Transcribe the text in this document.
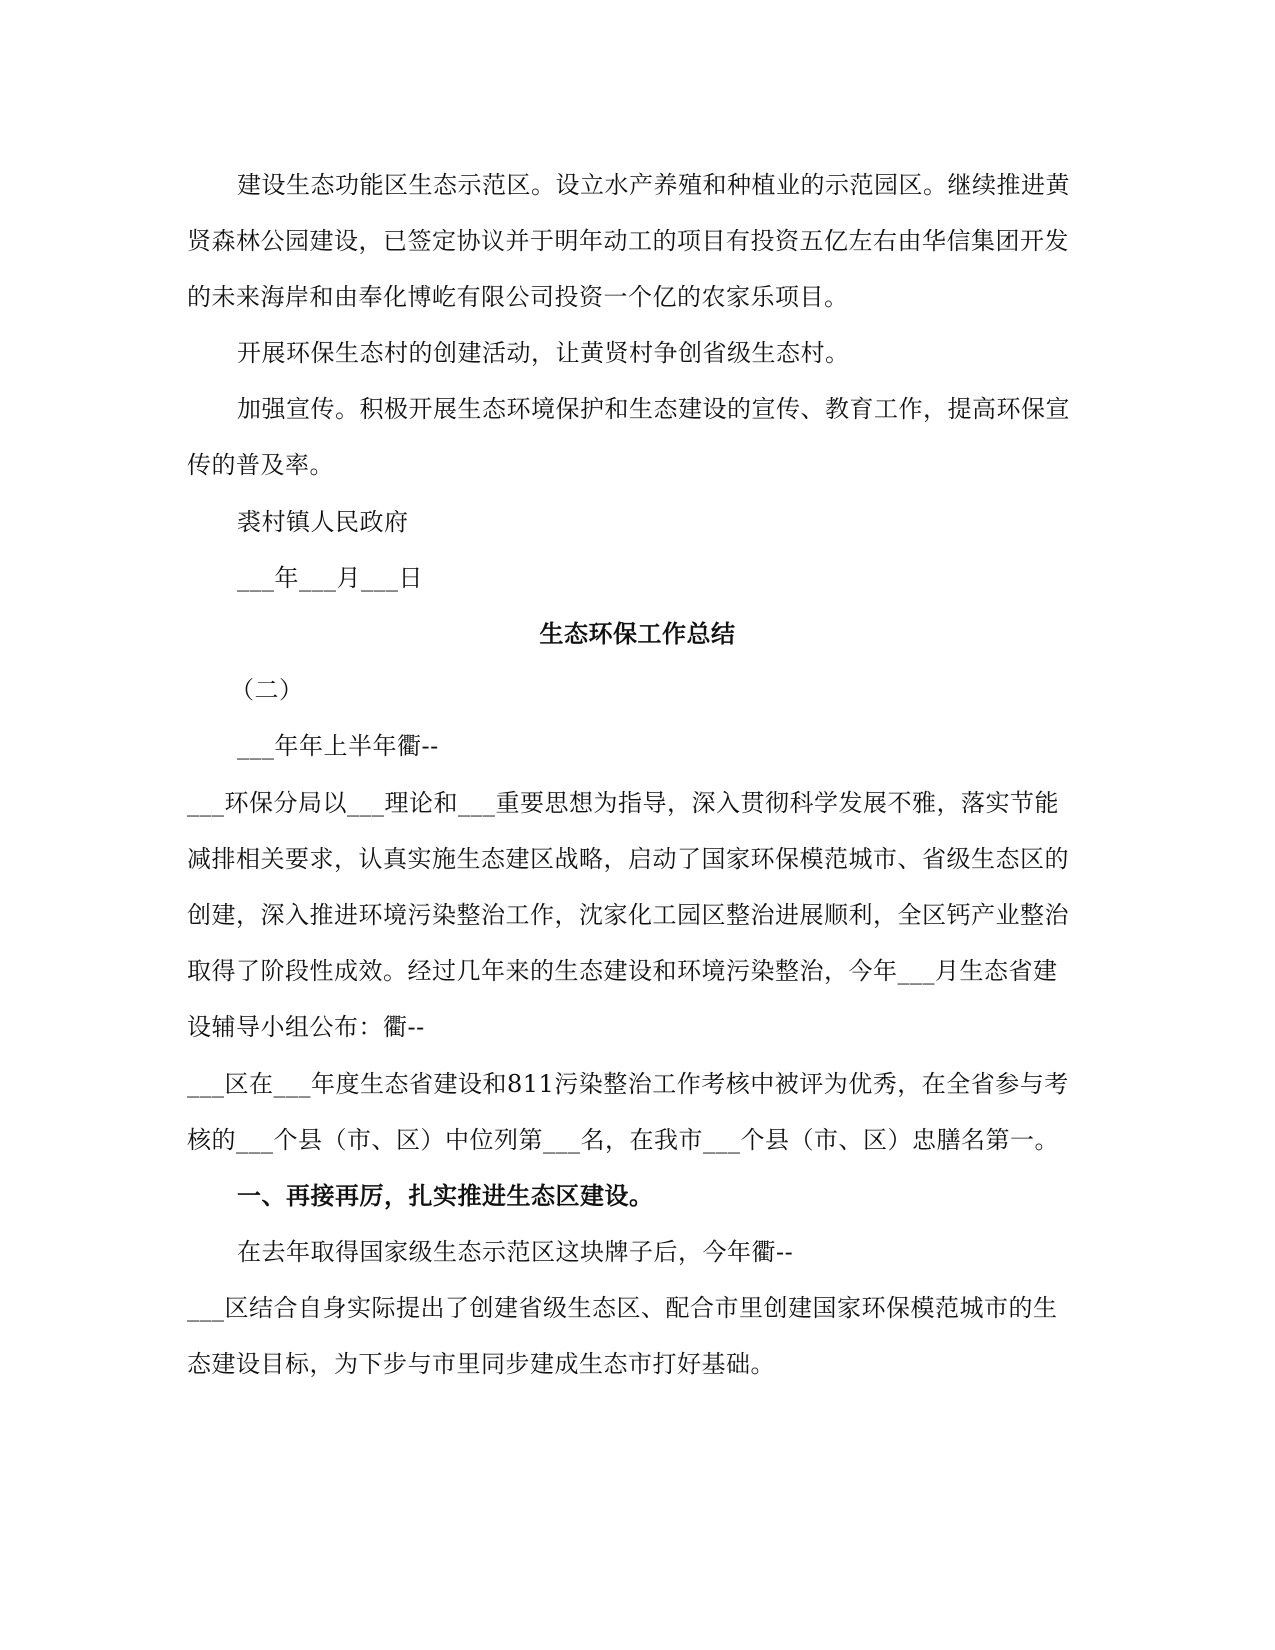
建设生态功能区生态示范区。设立水产养殖和种植业的示范园区。继续推进黄
贤森林公园建设，已签定协议并于明年动工的项目有投资五亿左右由华信集团开发
的未来海岸和由奉化博屹有限公司投资一个亿的农家乐项目。
开展环保生态村的创建活动，让黄贤村争创省级生态村。
加强宣传。积极开展生态环境保护和生态建设的宣传、教育工作，提高环保宣
传的普及率。
裘村镇人民政府
___年___月___日
生态环保工作总结
（二）
___年年上半年衢--
___环保分局以___理论和___重要思想为指导，深入贯彻科学发展不雅，落实节能
减排相关要求，认真实施生态建区战略，启动了国家环保模范城市、省级生态区的
创建，深入推进环境污染整治工作，沈家化工园区整治进展顺利，全区钙产业整治
取得了阶段性成效。经过几年来的生态建设和环境污染整治，今年___月生态省建
设辅导小组公布：衢--
___区在___年度生态省建设和811污染整治工作考核中被评为优秀，在全省参与考
核的___个县（市、区）中位列第___名，在我市___个县（市、区）忠膳名第一。
一、再接再厉，扎实推进生态区建设。
在去年取得国家级生态示范区这块牌子后，今年衢--
___区结合自身实际提出了创建省级生态区、配合市里创建国家环保模范城市的生
态建设目标，为下步与市里同步建成生态市打好基础。
